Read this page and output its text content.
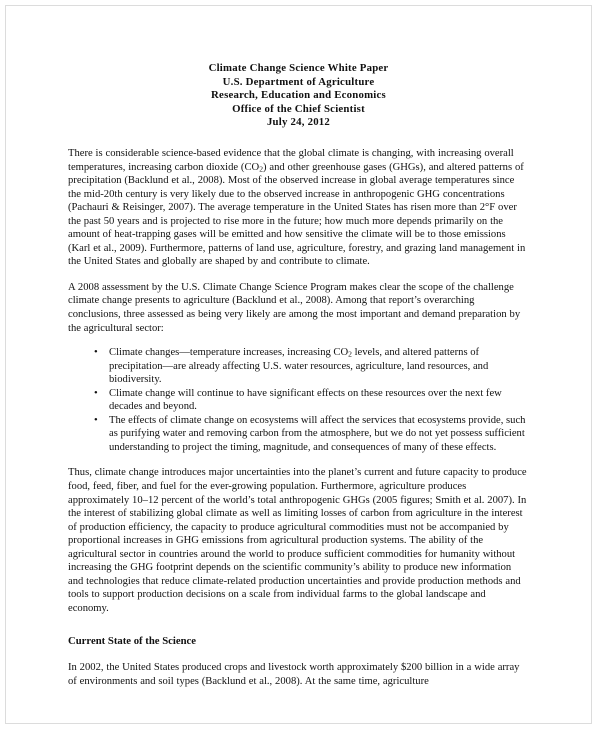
Climate Change Science White Paper
U.S. Department of Agriculture
Research, Education and Economics
Office of the Chief Scientist
July 24, 2012

There is considerable science-based evidence that the global climate is changing, with increasing overall temperatures, increasing carbon dioxide $(CO_2)$ and other greenhouse gases (GHGs), and altered patterns of precipitation (Backlund et al., 2008). Most of the observed increase in global average temperatures since the mid-20th century is very likely due to the observed increase in anthropogenic GHG concentrations (Pachauri & Reisinger, 2007). The average temperature in the United States has risen more than 2°F over the past 50 years and is projected to rise more in the future; how much more depends primarily on the amount of heat-trapping gases will be emitted and how sensitive the climate will be to those emissions (Karl et al., 2009). Furthermore, patterns of land use, agriculture, forestry, and grazing land management in the United States and globally are shaped by and contribute to climate.

A 2008 assessment by the U.S. Climate Change Science Program makes clear the scope of the challenge climate change presents to agriculture (Backlund et al., 2008). Among that report’s overarching conclusions, three assessed as being very likely are among the most important and demand preparation by the agricultural sector:

• Climate changes—temperature increases, increasing $CO_2$ levels, and altered patterns of precipitation—are already affecting U.S. water resources, agriculture, land resources, and biodiversity.
• Climate change will continue to have significant effects on these resources over the next few decades and beyond.
• The effects of climate change on ecosystems will affect the services that ecosystems provide, such as purifying water and removing carbon from the atmosphere, but we do not yet possess sufficient understanding to project the timing, magnitude, and consequences of many of these effects.

Thus, climate change introduces major uncertainties into the planet’s current and future capacity to produce food, feed, fiber, and fuel for the ever-growing population. Furthermore, agriculture produces approximately 10–12 percent of the world’s total anthropogenic GHGs (2005 figures; Smith et al. 2007). In the interest of stabilizing global climate as well as limiting losses of carbon from agriculture in the interest of production efficiency, the capacity to produce agricultural commodities must not be accompanied by proportional increases in GHG emissions from agricultural production systems. The ability of the agricultural sector in countries around the world to produce sufficient commodities for humanity without increasing the GHG footprint depends on the scientific community’s ability to produce new information and technologies that reduce climate-related production uncertainties and provide production methods and tools to support production decisions on a scale from individual farms to the global landscape and economy.

Current State of the Science

In 2002, the United States produced crops and livestock worth approximately $200 billion in a wide array of environments and soil types (Backlund et al., 2008). At the same time, agriculture
